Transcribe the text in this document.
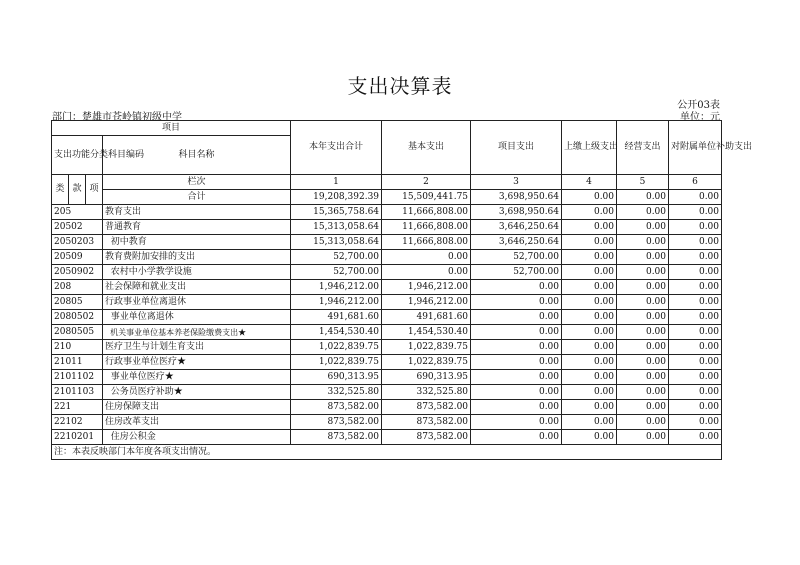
支出决算表
公开03表
部门：楚雄市苍岭镇初级中学	单位：元
项目				本年支出合计	基本支出	项目支出	上缴上级支出	经营支出	对附属单位补助支出
支出功能分类科目编码			科目名称						
类	款	项							
			栏次	1	2	3	4	5	6
			合计	19,208,392.39	15,509,441.75	3,698,950.64	0.00	0.00	0.00
205			教育支出	15,365,758.64	11,666,808.00	3,698,950.64	0.00	0.00	0.00
20502			普通教育	15,313,058.64	11,666,808.00	3,646,250.64	0.00	0.00	0.00
2050203			初中教育	15,313,058.64	11,666,808.00	3,646,250.64	0.00	0.00	0.00
20509			教育费附加安排的支出	52,700.00	0.00	52,700.00	0.00	0.00	0.00
2050902			农村中小学教学设施	52,700.00	0.00	52,700.00	0.00	0.00	0.00
208			社会保障和就业支出	1,946,212.00	1,946,212.00	0.00	0.00	0.00	0.00
20805			行政事业单位离退休	1,946,212.00	1,946,212.00	0.00	0.00	0.00	0.00
2080502			事业单位离退休	491,681.60	491,681.60	0.00	0.00	0.00	0.00
2080505			机关事业单位基本养老保险缴费支出★	1,454,530.40	1,454,530.40	0.00	0.00	0.00	0.00
210			医疗卫生与计划生育支出	1,022,839.75	1,022,839.75	0.00	0.00	0.00	0.00
21011			行政事业单位医疗★	1,022,839.75	1,022,839.75	0.00	0.00	0.00	0.00
2101102			事业单位医疗★	690,313.95	690,313.95	0.00	0.00	0.00	0.00
2101103			公务员医疗补助★	332,525.80	332,525.80	0.00	0.00	0.00	0.00
221			住房保障支出	873,582.00	873,582.00	0.00	0.00	0.00	0.00
22102			住房改革支出	873,582.00	873,582.00	0.00	0.00	0.00	0.00
2210201			住房公积金	873,582.00	873,582.00	0.00	0.00	0.00	0.00
注：本表反映部门本年度各项支出情况。									
